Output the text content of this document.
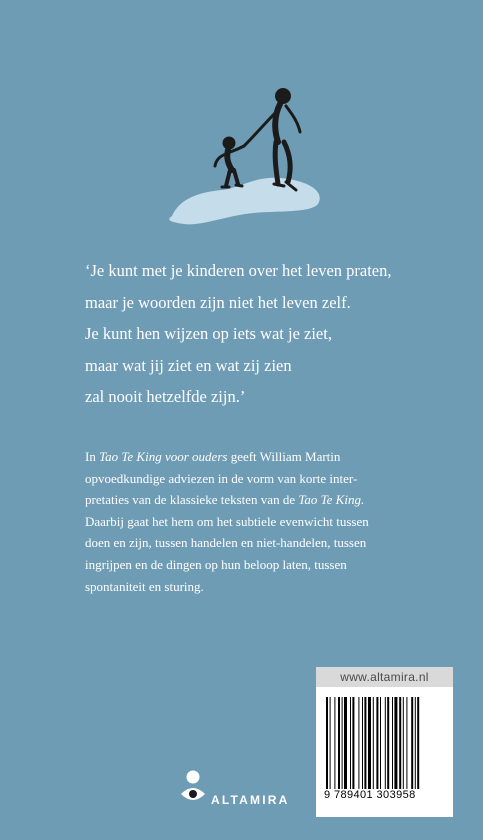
‘Je kunt met je kinderen over het leven praten,
maar je woorden zijn niet het leven zelf.
Je kunt hen wijzen op iets wat je ziet,
maar wat jij ziet en wat zij zien
zal nooit hetzelfde zijn.’
In Tao Te King voor ouders geeft William Martin
opvoedkundige adviezen in de vorm van korte inter-
pretaties van de klassieke teksten van de Tao Te King.
Daarbij gaat het hem om het subtiele evenwicht tussen
doen en zijn, tussen handelen en niet-handelen, tussen
ingrijpen en de dingen op hun beloop laten, tussen
spontaniteit en sturing.
ALTAMIRA
www.altamira.nl
9 789401 303958
